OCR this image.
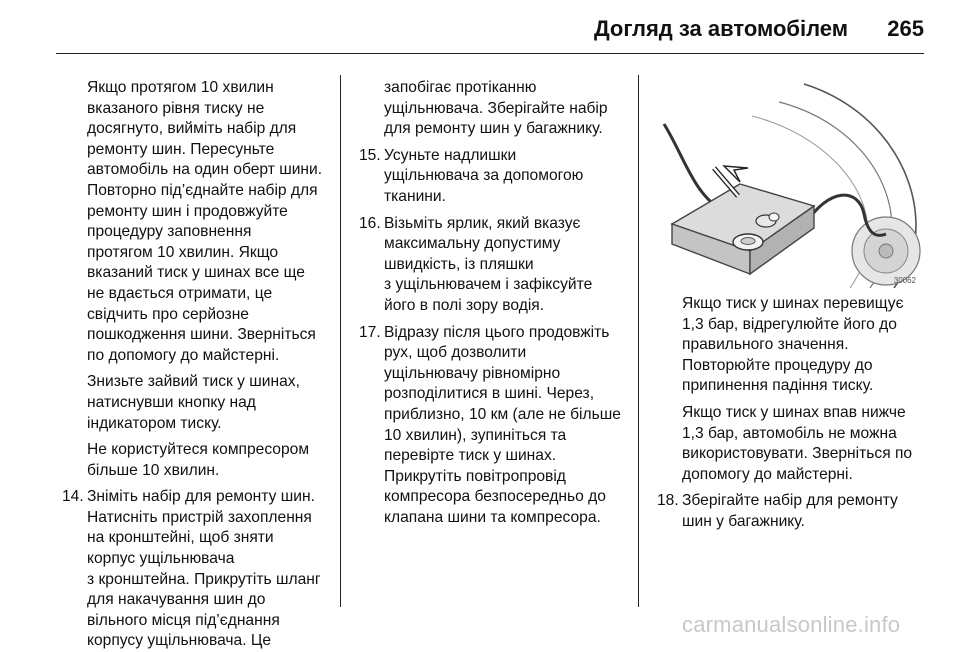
Догляд за автомобілем 265

Якщо протягом 10 хвилин
вказаного рівня тиску не
досягнуто, вийміть набір для
ремонту шин. Пересуньте
автомобіль на один оберт шини.
Повторно під’єднайте набір для
ремонту шин і продовжуйте
процедуру заповнення
протягом 10 хвилин. Якщо
вказаний тиск у шинах все ще
не вдається отримати, це
свідчить про серйозне
пошкодження шини. Зверніться
по допомогу до майстерні.

Знизьте зайвий тиск у шинах,
натиснувши кнопку над
індикатором тиску.

Не користуйтеся компресором
більше 10 хвилин.

14. Зніміть набір для ремонту шин.
Натисніть пристрій захоплення
на кронштейні, щоб зняти
корпус ущільнювача
з кронштейна. Прикрутіть шланг
для накачування шин до
вільного місця під’єднання
корпусу ущільнювача. Це

запобігає протіканню
ущільнювача. Зберігайте набір
для ремонту шин у багажнику.

15. Усуньте надлишки
ущільнювача за допомогою
тканини.
16. Візьміть ярлик, який вказує
максимальну допустиму
швидкість, із пляшки
з ущільнювачем і зафіксуйте
його в полі зору водія.
17. Відразу після цього продовжіть
рух, щоб дозволити
ущільнювачу рівномірно
розподілитися в шині. Через,
приблизно, 10 км (але не більше
10 хвилин), зупиніться та
перевірте тиск у шинах.
Прикрутіть повітропровід
компресора безпосередньо до
клапана шини та компресора.
30062

Якщо тиск у шинах перевищує
1,3 бар, відрегулюйте його до
правильного значення.
Повторюйте процедуру до
припинення падіння тиску.

Якщо тиск у шинах впав нижче
1,3 бар, автомобіль не можна
використовувати. Зверніться по
допомогу до майстерні.

18. Зберігайте набір для ремонту
шин у багажнику.
carmanualsonline.info
